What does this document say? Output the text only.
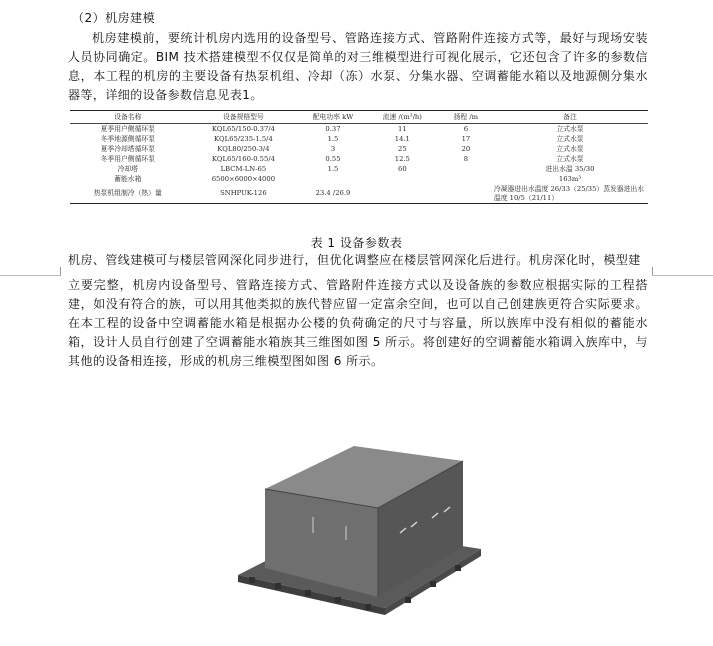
（2）机房建模

机房建模前，要统计机房内选用的设备型号、管路连接方式、管路附件连接方式等，最好与现场安装人员协同确定。BIM 技术搭建模型不仅仅是简单的对三维模型进行可视化展示，它还包含了许多的参数信息，本工程的机房的主要设备有热泵机组、冷却（冻）水泵、分集水器、空调蓄能水箱以及地源侧分集水器等，详细的设备参数信息见表1。

设备名称	设备规格型号	配电功率 kW	流速 /(m³/h)	扬程 /m	备注
夏季用户侧循环泵	KQL65/150-0.37/4	0.37	11	6	立式水泵
冬季地源侧循环泵	KQL65/235-1.5/4	1.5	14.1	17	立式水泵
夏季冷却塔循环泵	KQL80/250-3/4	3	25	20	立式水泵
冬季用户侧循环泵	KQL65/160-0.55/4	0.55	12.5	8	立式水泵
冷却塔	LBCM-LN-65	1.5	60		进出水温 35/30
蓄能水箱	6500×6000×4000				163m³
热泵机组制冷（热）量	SNHPUK-126	23.4 /26.9			冷凝器进出水温度 26/33（25/35）蒸发器进出水温度 10/5（21/11）
表 1 设备参数表

机房、管线建模可与楼层管网深化同步进行，但优化调整应在楼层管网深化后进行。机房深化时，模型建

立要完整，机房内设备型号、管路连接方式、管路附件连接方式以及设备族的参数应根据实际的工程搭建，如没有符合的族，可以用其他类拟的族代替应留一定富余空间，也可以自己创建族更符合实际要求。在本工程的设备中空调蓄能水箱是根据办公楼的负荷确定的尺寸与容量，所以族库中没有相似的蓄能水箱，设计人员自行创建了空调蓄能水箱族其三维图如图 5 所示。将创建好的空调蓄能水箱调入族库中，与其他的设备相连接，形成的机房三维模型图如图 6 所示。
